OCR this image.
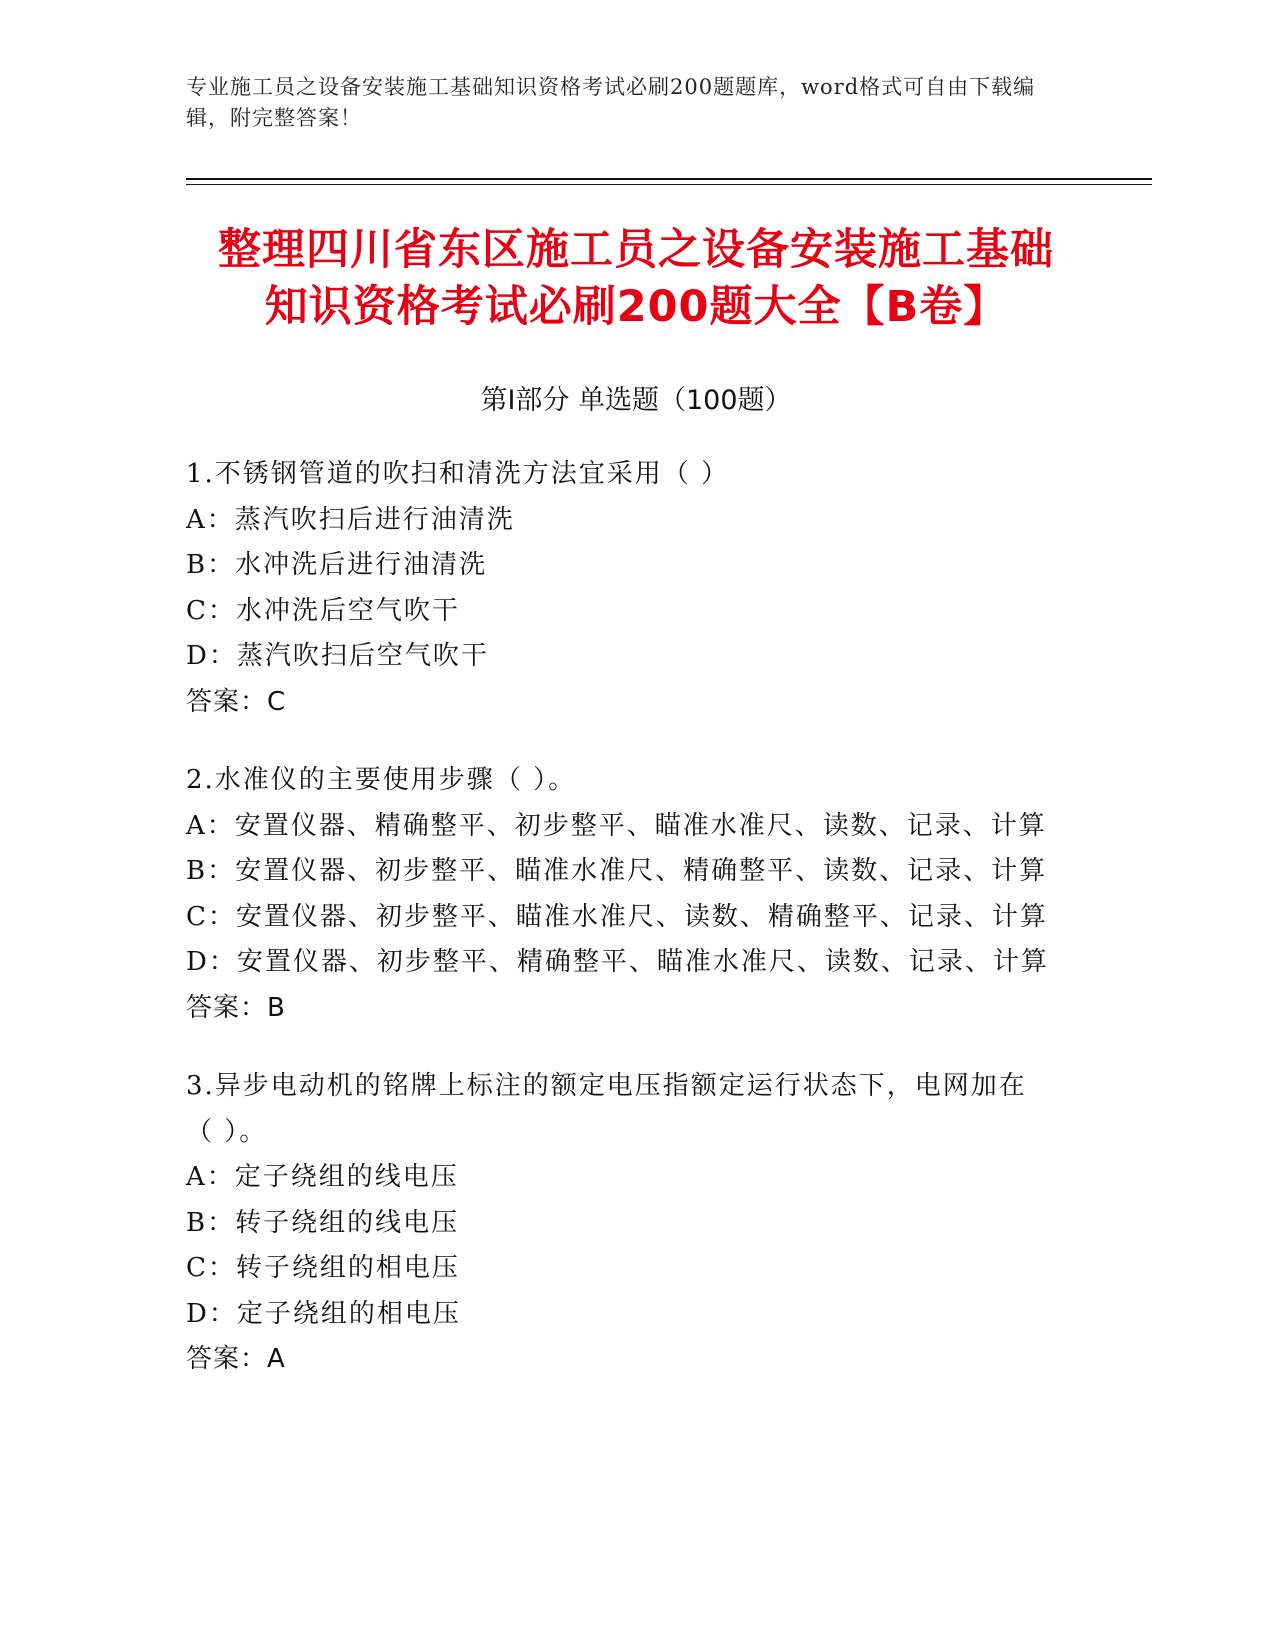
专业施工员之设备安装施工基础知识资格考试必刷200题题库，word格式可自由下载编辑，附完整答案！
整理四川省东区施工员之设备安装施工基础
知识资格考试必刷200题大全【B卷】
第Ⅰ部分 单选题（100题）
1.不锈钢管道的吹扫和清洗方法宜采用（ ）
A：蒸汽吹扫后进行油清洗
B：水冲洗后进行油清洗
C：水冲洗后空气吹干
D：蒸汽吹扫后空气吹干
答案：C
2.水准仪的主要使用步骤（ ）。
A：安置仪器、精确整平、初步整平、瞄准水准尺、读数、记录、计算
B：安置仪器、初步整平、瞄准水准尺、精确整平、读数、记录、计算
C：安置仪器、初步整平、瞄准水准尺、读数、精确整平、记录、计算
D：安置仪器、初步整平、精确整平、瞄准水准尺、读数、记录、计算
答案：B
3.异步电动机的铭牌上标注的额定电压指额定运行状态下，电网加在
（ ）。
A：定子绕组的线电压
B：转子绕组的线电压
C：转子绕组的相电压
D：定子绕组的相电压
答案：A
